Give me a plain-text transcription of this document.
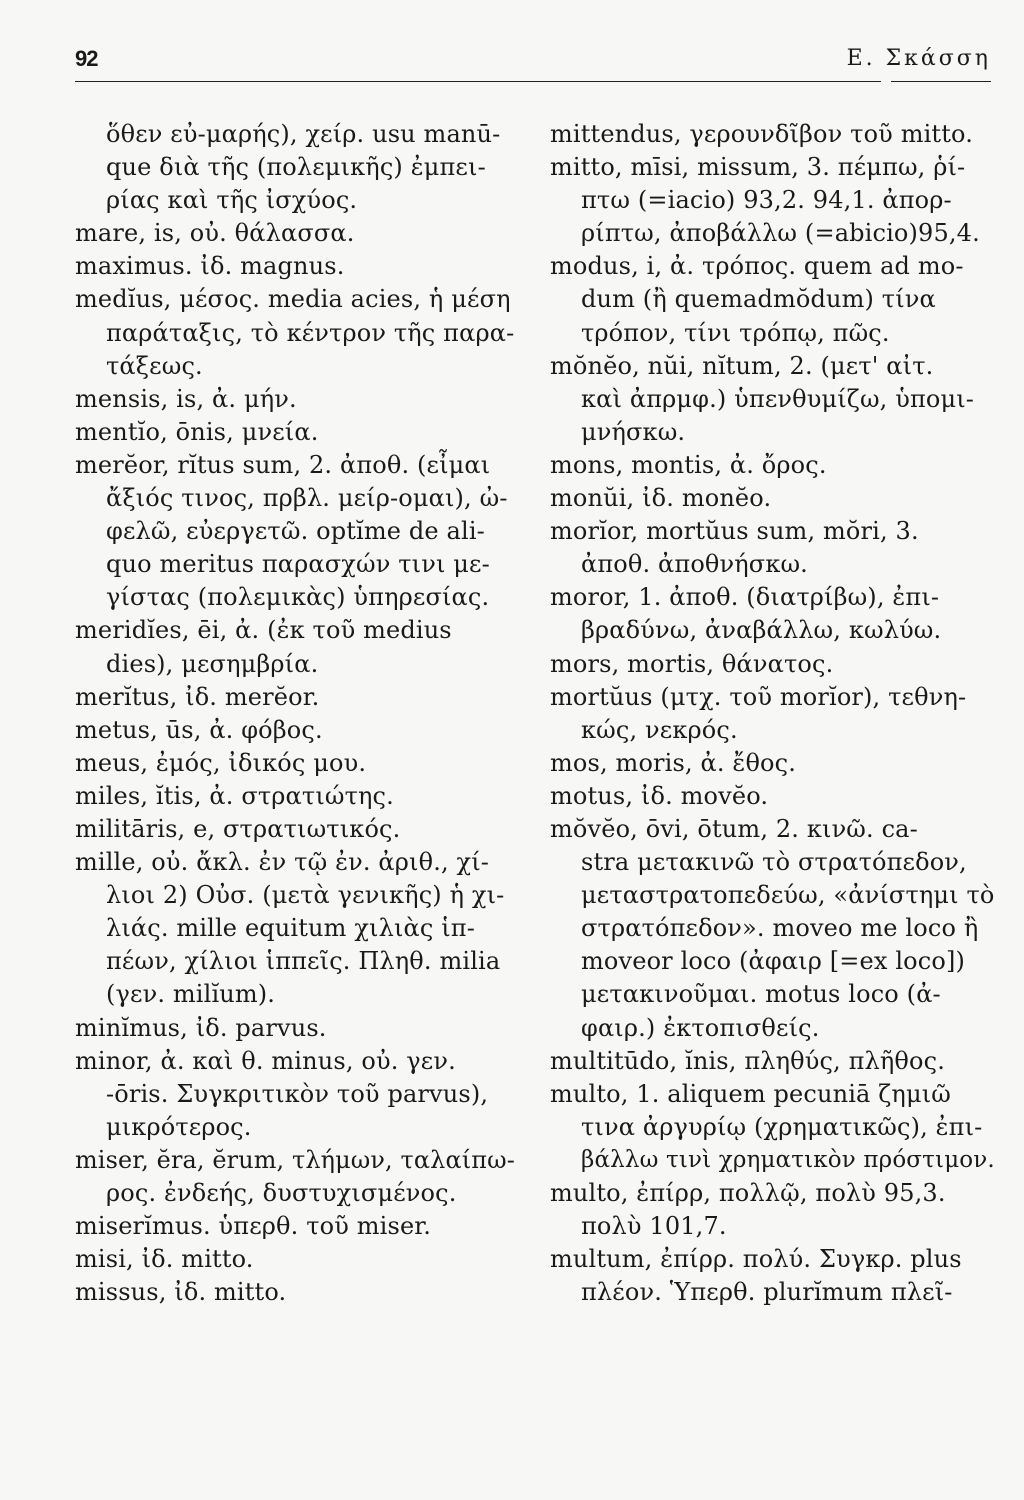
92	Ε. Σκάσση
ὅθεν εὐ-μαρής), χείρ. usu manū-
que διὰ τῆς (πολεμικῆς) ἐμπει-
ρίας καὶ τῆς ἰσχύος.
mare, is, οὐ. θάλασσα.
maximus. ἰδ. magnus.
medĭus, μέσος. media acies, ἡ μέση
παράταξις, τὸ κέντρον τῆς παρα-
τάξεως.
mensis, is, ἀ. μήν.
mentĭo, ōnis, μνεία.
merĕor, rĭtus sum, 2. ἀποθ. (εἶμαι
ἄξιός τινος, πρβλ. μείρ-ομαι), ὠ-
φελῶ, εὐεργετῶ. optĭme de ali-
quo meritus παρασχών τινι με-
γίστας (πολεμικὰς) ὑπηρεσίας.
meridĭes, ēi, ἀ. (ἐκ τοῦ medius
dies), μεσημβρία.
merĭtus, ἰδ. merĕor.
metus, ūs, ἀ. φόβος.
meus, ἐμός, ἰδικός μου.
miles, ĭtis, ἀ. στρατιώτης.
militāris, e, στρατιωτικός.
mille, οὐ. ἄκλ. ἐν τῷ ἐν. ἀριθ., χί-
λιοι 2) Οὐσ. (μετὰ γενικῆς) ἡ χι-
λιάς. mille equitum χιλιὰς ἱπ-
πέων, χίλιοι ἱππεῖς. Πληθ. milia
(γεν. milĭum).
minĭmus, ἰδ. parvus.
minor, ἀ. καὶ θ. minus, οὐ. γεν.
-ōris. Συγκριτικὸν τοῦ parvus),
μικρότερος.
miser, ĕra, ĕrum, τλήμων, ταλαίπω-
ρος. ἐνδεής, δυστυχισμένος.
miserĭmus. ὑπερθ. τοῦ miser.
misi, ἰδ. mitto.
missus, ἰδ. mitto.
mittendus, γερουνδῖβον τοῦ mitto.
mitto, mīsi, missum, 3. πέμπω, ῥί-
πτω (=iacio) 93,2. 94,1. ἀπορ-
ρίπτω, ἀποβάλλω (=abicio)95,4.
modus, i, ἀ. τρόπος. quem ad mo-
dum (ἢ quemadmŏdum) τίνα
τρόπον, τίνι τρόπῳ, πῶς.
mŏnĕo, nŭi, nĭtum, 2. (μετ' αἰτ.
καὶ ἀπρμφ.) ὑπενθυμίζω, ὑπομι-
μνήσκω.
mons, montis, ἀ. ὄρος.
monŭi, ἰδ. monĕo.
morĭor, mortŭus sum, mŏri, 3.
ἀποθ. ἀποθνήσκω.
moror, 1. ἀποθ. (διατρίβω), ἐπι-
βραδύνω, ἀναβάλλω, κωλύω.
mors, mortis, θάνατος.
mortŭus (μτχ. τοῦ morĭor), τεθνη-
κώς, νεκρός.
mos, moris, ἀ. ἔθος.
motus, ἰδ. movĕo.
mŏvĕo, ōvi, ōtum, 2. κινῶ. ca-
stra μετακινῶ τὸ στρατόπεδον,
μεταστρατοπεδεύω, «ἀνίστημι τὸ
στρατόπεδον». moveo me loco ἢ
moveor loco (ἀφαιρ [=ex loco])
μετακινοῦμαι. motus loco (ἀ-
φαιρ.) ἐκτοπισθείς.
multitūdo, ĭnis, πληθύς, πλῆθος.
multo, 1. aliquem pecuniā ζημιῶ
τινα ἀργυρίῳ (χρηματικῶς), ἐπι-
βάλλω τινὶ χρηματικὸν πρόστιμον.
multo, ἐπίρρ, πολλῷ, πολὺ 95,3.
πολὺ 101,7.
multum, ἐπίρρ. πολύ. Συγκρ. plus
πλέον. Ὑπερθ. plurĭmum πλεῖ-
